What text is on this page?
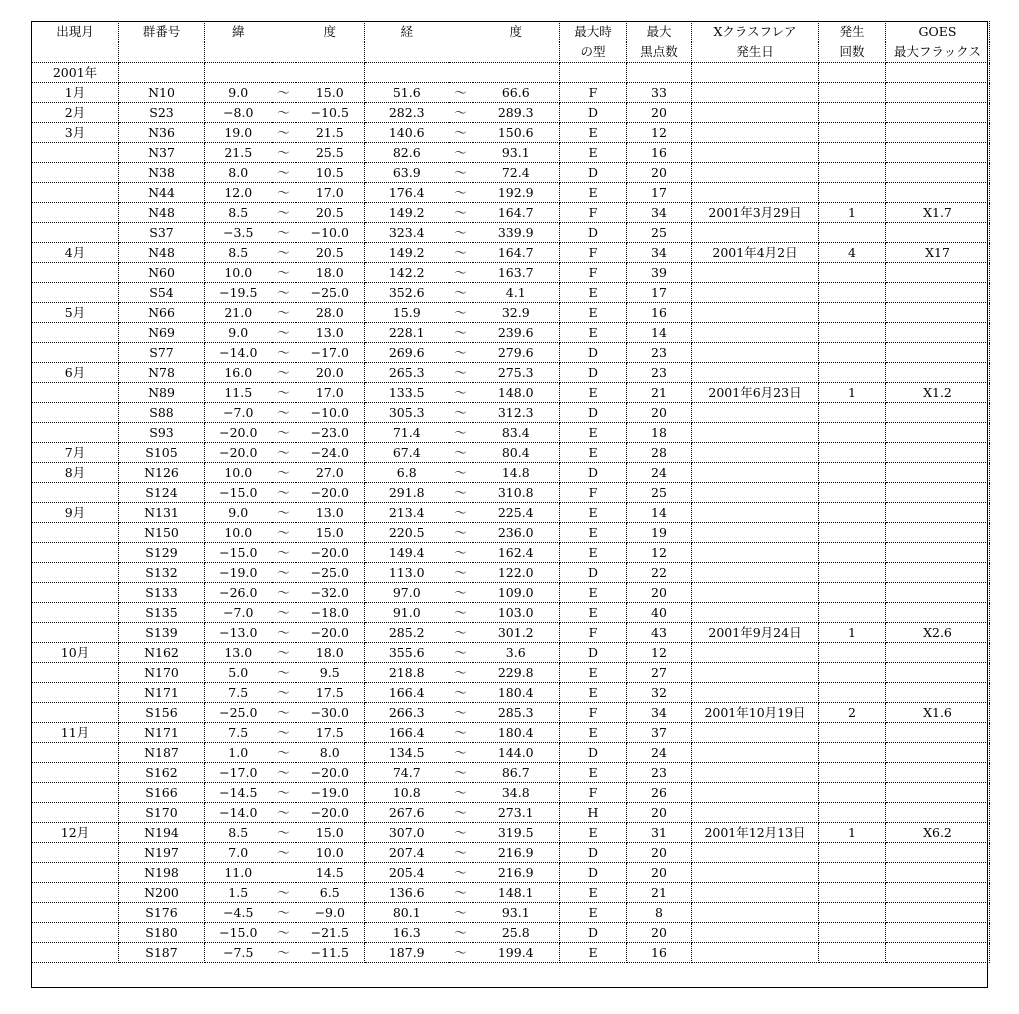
出現月	群番号	緯		度	経		度	最大時	最大	Xクラスフレア	発生	GOES
								の型	黒点数	発生日	回数	最大フラックス
2001年												
1月	N10	9.0	〜	15.0	51.6	〜	66.6	F	33			
2月	S23	−8.0	〜	−10.5	282.3	〜	289.3	D	20			
3月	N36	19.0	〜	21.5	140.6	〜	150.6	E	12			
	N37	21.5	〜	25.5	82.6	〜	93.1	E	16			
	N38	8.0	〜	10.5	63.9	〜	72.4	D	20			
	N44	12.0	〜	17.0	176.4	〜	192.9	E	17			
	N48	8.5	〜	20.5	149.2	〜	164.7	F	34	2001年3月29日	1	X1.7
	S37	−3.5	〜	−10.0	323.4	〜	339.9	D	25			
4月	N48	8.5	〜	20.5	149.2	〜	164.7	F	34	2001年4月2日	4	X17
	N60	10.0	〜	18.0	142.2	〜	163.7	F	39			
	S54	−19.5	〜	−25.0	352.6	〜	4.1	E	17			
5月	N66	21.0	〜	28.0	15.9	〜	32.9	E	16			
	N69	9.0	〜	13.0	228.1	〜	239.6	E	14			
	S77	−14.0	〜	−17.0	269.6	〜	279.6	D	23			
6月	N78	16.0	〜	20.0	265.3	〜	275.3	D	23			
	N89	11.5	〜	17.0	133.5	〜	148.0	E	21	2001年6月23日	1	X1.2
	S88	−7.0	〜	−10.0	305.3	〜	312.3	D	20			
	S93	−20.0	〜	−23.0	71.4	〜	83.4	E	18			
7月	S105	−20.0	〜	−24.0	67.4	〜	80.4	E	28			
8月	N126	10.0	〜	27.0	6.8	〜	14.8	D	24			
	S124	−15.0	〜	−20.0	291.8	〜	310.8	F	25			
9月	N131	9.0	〜	13.0	213.4	〜	225.4	E	14			
	N150	10.0	〜	15.0	220.5	〜	236.0	E	19			
	S129	−15.0	〜	−20.0	149.4	〜	162.4	E	12			
	S132	−19.0	〜	−25.0	113.0	〜	122.0	D	22			
	S133	−26.0	〜	−32.0	97.0	〜	109.0	E	20			
	S135	−7.0	〜	−18.0	91.0	〜	103.0	E	40			
	S139	−13.0	〜	−20.0	285.2	〜	301.2	F	43	2001年9月24日	1	X2.6
10月	N162	13.0	〜	18.0	355.6	〜	3.6	D	12			
	N170	5.0	〜	9.5	218.8	〜	229.8	E	27			
	N171	7.5	〜	17.5	166.4	〜	180.4	E	32			
	S156	−25.0	〜	−30.0	266.3	〜	285.3	F	34	2001年10月19日	2	X1.6
11月	N171	7.5	〜	17.5	166.4	〜	180.4	E	37			
	N187	1.0	〜	8.0	134.5	〜	144.0	D	24			
	S162	−17.0	〜	−20.0	74.7	〜	86.7	E	23			
	S166	−14.5	〜	−19.0	10.8	〜	34.8	F	26			
	S170	−14.0	〜	−20.0	267.6	〜	273.1	H	20			
12月	N194	8.5	〜	15.0	307.0	〜	319.5	E	31	2001年12月13日	1	X6.2
	N197	7.0	〜	10.0	207.4	〜	216.9	D	20			
	N198	11.0		14.5	205.4	〜	216.9	D	20			
	N200	1.5	〜	6.5	136.6	〜	148.1	E	21			
	S176	−4.5	〜	−9.0	80.1	〜	93.1	E	8			
	S180	−15.0	〜	−21.5	16.3	〜	25.8	D	20			
	S187	−7.5	〜	−11.5	187.9	〜	199.4	E	16			
